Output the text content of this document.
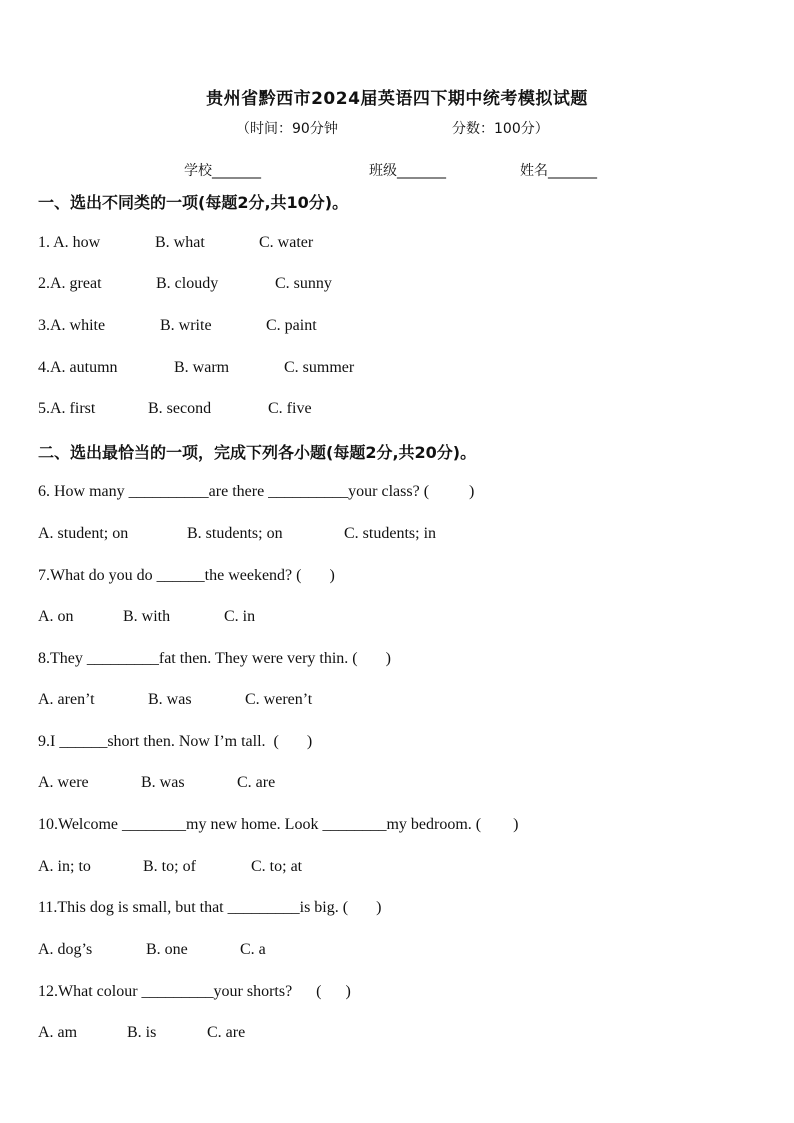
贵州省黔西市2024届英语四下期中统考模拟试题
（时间：90分钟	分数：100分）
学校_______	班级_______	姓名_______
一、选出不同类的一项(每题2分,共10分)。
1. A. how	B. what	C. water
2.A. great	B. cloudy	C. sunny
3.A. white	B. write	C. paint
4.A. autumn	B. warm	C. summer
5.A. first	B. second	C. five
二、选出最恰当的一项，完成下列各小题(每题2分,共20分)。
6. How many __________are there __________your class? (          )
A. student; on	B. students; on	C. students; in
7.What do you do ______the weekend? (       )
A. on	B. with	C. in
8.They _________fat then. They were very thin. (       )
A. aren’t	B. was	C. weren’t
9.I ______short then. Now I’m tall.  (       )
A. were	B. was	C. are
10.Welcome ________my new home. Look ________my bedroom. (        )
A. in; to	B. to; of	C. to; at
11.This dog is small, but that _________is big. (       )
A. dog’s	B. one	C. a
12.What colour _________your shorts?      (      )
A. am	B. is	C. are
